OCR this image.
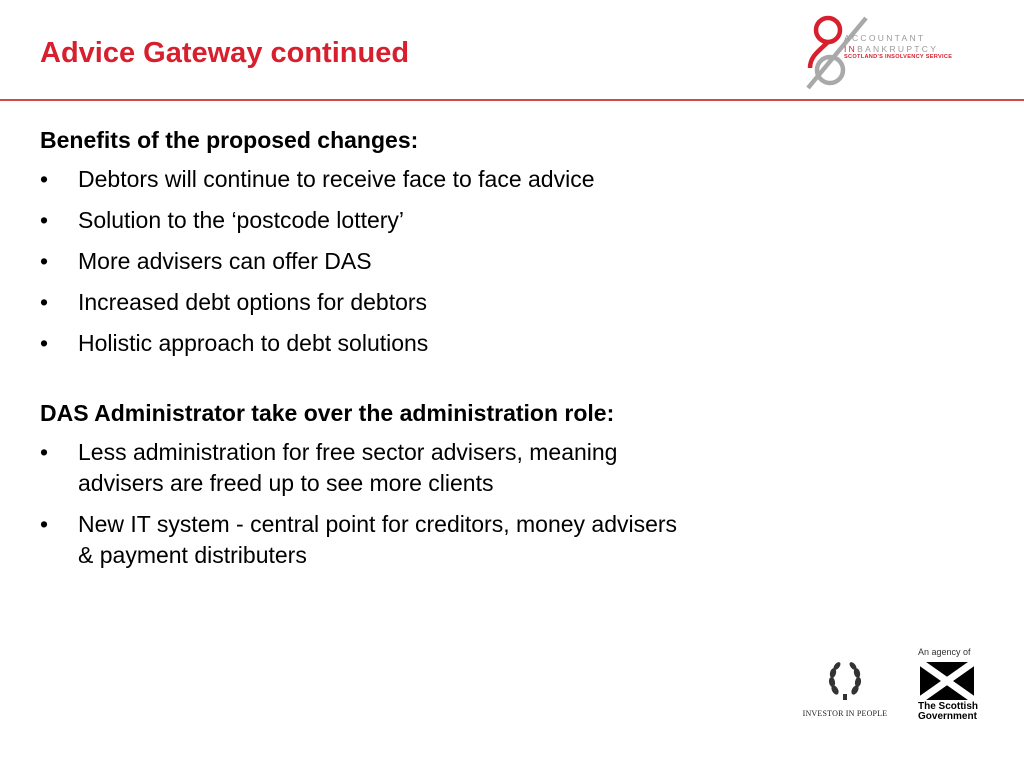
Advice Gateway continued	ACCOUNTANT
INBANKRUPTCY
SCOTLAND'S INSOLVENCY SERVICE

Benefits of the proposed changes:

• Debtors will continue to receive face to face advice
• Solution to the ‘postcode lottery’
• More advisers can offer DAS
• Increased debt options for debtors
• Holistic approach to debt solutions

DAS Administrator take over the administration role:

• Less administration for free sector advisers, meaning
advisers are freed up to see more clients
• New IT system - central point for creditors, money advisers
& payment distributers
INVESTOR IN PEOPLE
An agency of
The Scottish
Government
